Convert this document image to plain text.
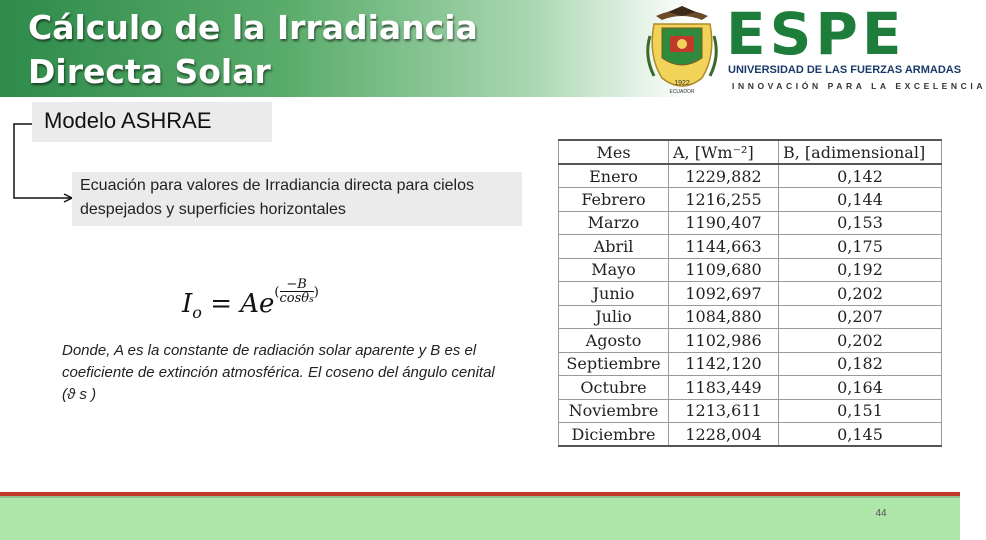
Cálculo de la Irradiancia
Directa Solar	1922
ECUADOR
ESPE
UNIVERSIDAD DE LAS FUERZAS ARMADAS
INNOVACIÓN PARA LA EXCELENCIA
Modelo ASHRAE
Ecuación para valores de Irradiancia directa para cielos despejados y superficies horizontales
$I_o = Ae( \frac{-B}{\cos\theta s}$ )
Donde, A es la constante de radiación solar aparente y B es el coeficiente de extinción atmosférica. El coseno del ángulo cenital (ϑ s )
Mes	A, [Wm⁻²]	B, [adimensional]
Enero	1229,882	0,142
Febrero	1216,255	0,144
Marzo	1190,407	0,153
Abril	1144,663	0,175
Mayo	1109,680	0,192
Junio	1092,697	0,202
Julio	1084,880	0,207
Agosto	1102,986	0,202
Septiembre	1142,120	0,182
Octubre	1183,449	0,164
Noviembre	1213,611	0,151
Diciembre	1228,004	0,145
44
